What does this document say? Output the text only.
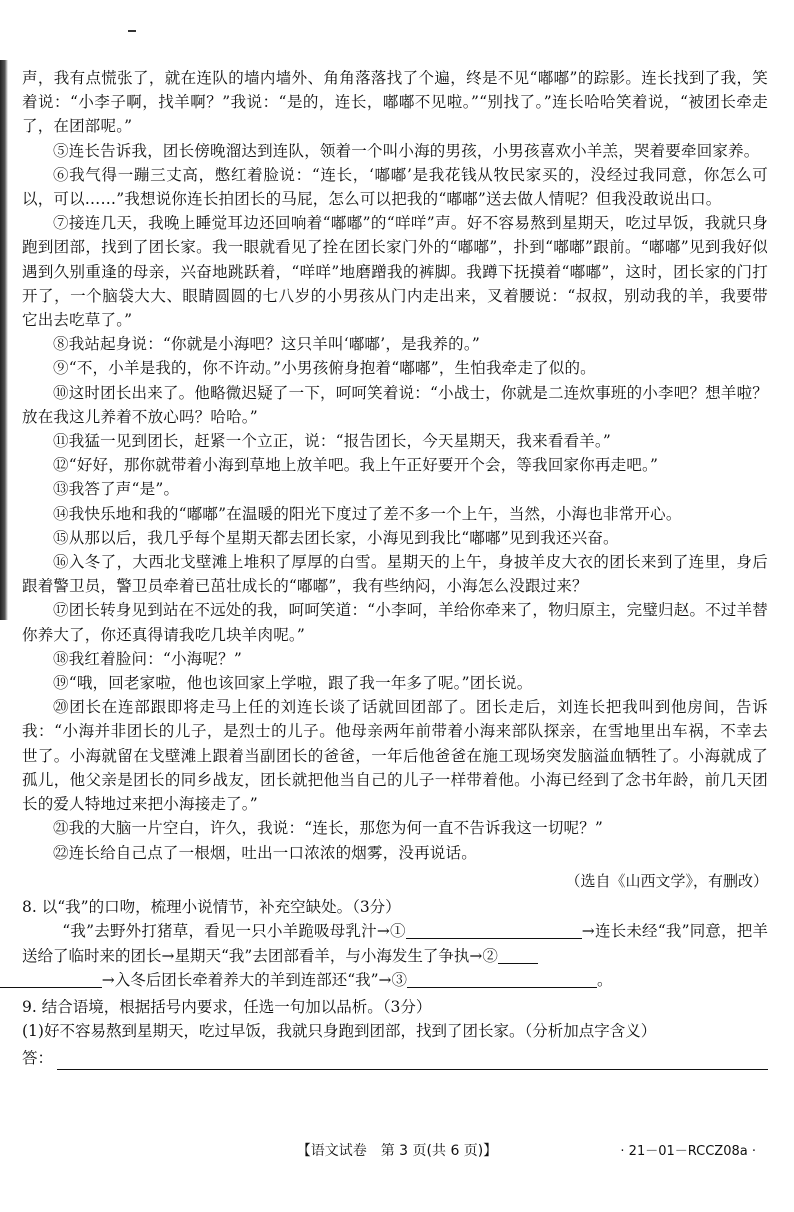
声，我有点慌张了，就在连队的墙内墙外、角角落落找了个遍，终是不见“嘟嘟”的踪影。连长找到了我，笑着说：“小李子啊，找羊啊？”我说：“是的，连长，嘟嘟不见啦。”“别找了。”连长哈哈笑着说，“被团长牵走了，在团部呢。”

⑤连长告诉我，团长傍晚溜达到连队，领着一个叫小海的男孩，小男孩喜欢小羊羔，哭着要牵回家养。

⑥我气得一蹦三丈高，憋红着脸说：“连长，‘嘟嘟’是我花钱从牧民家买的，没经过我同意，你怎么可以，可以……”我想说你连长拍团长的马屁，怎么可以把我的“嘟嘟”送去做人情呢？但我没敢说出口。

⑦接连几天，我晚上睡觉耳边还回响着“嘟嘟”的“咩咩”声。好不容易熬到星期天，吃过早饭，我就只身跑到团部，找到了团长家。我一眼就看见了拴在团长家门外的“嘟嘟”，扑到“嘟嘟”跟前。“嘟嘟”见到我好似遇到久别重逢的母亲，兴奋地跳跃着，“咩咩”地磨蹭我的裤脚。我蹲下抚摸着“嘟嘟”，这时，团长家的门打开了，一个脑袋大大、眼睛圆圆的七八岁的小男孩从门内走出来，叉着腰说：“叔叔，别动我的羊，我要带它出去吃草了。”

⑧我站起身说：“你就是小海吧？这只羊叫‘嘟嘟’，是我养的。”

⑨“不，小羊是我的，你不许动。”小男孩俯身抱着“嘟嘟”，生怕我牵走了似的。

⑩这时团长出来了。他略微迟疑了一下，呵呵笑着说：“小战士，你就是二连炊事班的小李吧？想羊啦？放在我这儿养着不放心吗？哈哈。”

⑪我猛一见到团长，赶紧一个立正，说：“报告团长，今天星期天，我来看看羊。”

⑫“好好，那你就带着小海到草地上放羊吧。我上午正好要开个会，等我回家你再走吧。”

⑬我答了声“是”。

⑭我快乐地和我的“嘟嘟”在温暖的阳光下度过了差不多一个上午，当然，小海也非常开心。

⑮从那以后，我几乎每个星期天都去团长家，小海见到我比“嘟嘟”见到我还兴奋。

⑯入冬了，大西北戈壁滩上堆积了厚厚的白雪。星期天的上午，身披羊皮大衣的团长来到了连里，身后跟着警卫员，警卫员牵着已茁壮成长的“嘟嘟”，我有些纳闷，小海怎么没跟过来？

⑰团长转身见到站在不远处的我，呵呵笑道：“小李呵，羊给你牵来了，物归原主，完璧归赵。不过羊替你养大了，你还真得请我吃几块羊肉呢。”

⑱我红着脸问：“小海呢？”

⑲“哦，回老家啦，他也该回家上学啦，跟了我一年多了呢。”团长说。

⑳团长在连部跟即将走马上任的刘连长谈了话就回团部了。团长走后，刘连长把我叫到他房间，告诉我：“小海并非团长的儿子，是烈士的儿子。他母亲两年前带着小海来部队探亲，在雪地里出车祸，不幸去世了。小海就留在戈壁滩上跟着当副团长的爸爸，一年后他爸爸在施工现场突发脑溢血牺牲了。小海就成了孤儿，他父亲是团长的同乡战友，团长就把他当自己的儿子一样带着他。小海已经到了念书年龄，前几天团长的爱人特地过来把小海接走了。”

㉑我的大脑一片空白，许久，我说：“连长，那您为何一直不告诉我这一切呢？”

㉒连长给自己点了一根烟，吐出一口浓浓的烟雾，没再说话。

（选自《山西文学》，有删改）
8. 以“我”的口吻，梳理小说情节，补充空缺处。（3分）
“我”去野外打猪草，看见一只小羊跪吸母乳汁→①	→连长未经“我”同意，把羊送给了临时来的团长→星期天“我”去团部看羊，与小海发生了争执→②
→入冬后团长牵着养大的羊到连部还“我”→③	。
9. 结合语境，根据括号内要求，任选一句加以品析。（3分）
(1)好不容易熬到星期天，吃过早饭，我就只身跑到团部，找到了团长家。（分析加点字含义）
答：
【语文试卷　第 3 页(共 6 页)】	· 21－01－RCCZ08a ·
